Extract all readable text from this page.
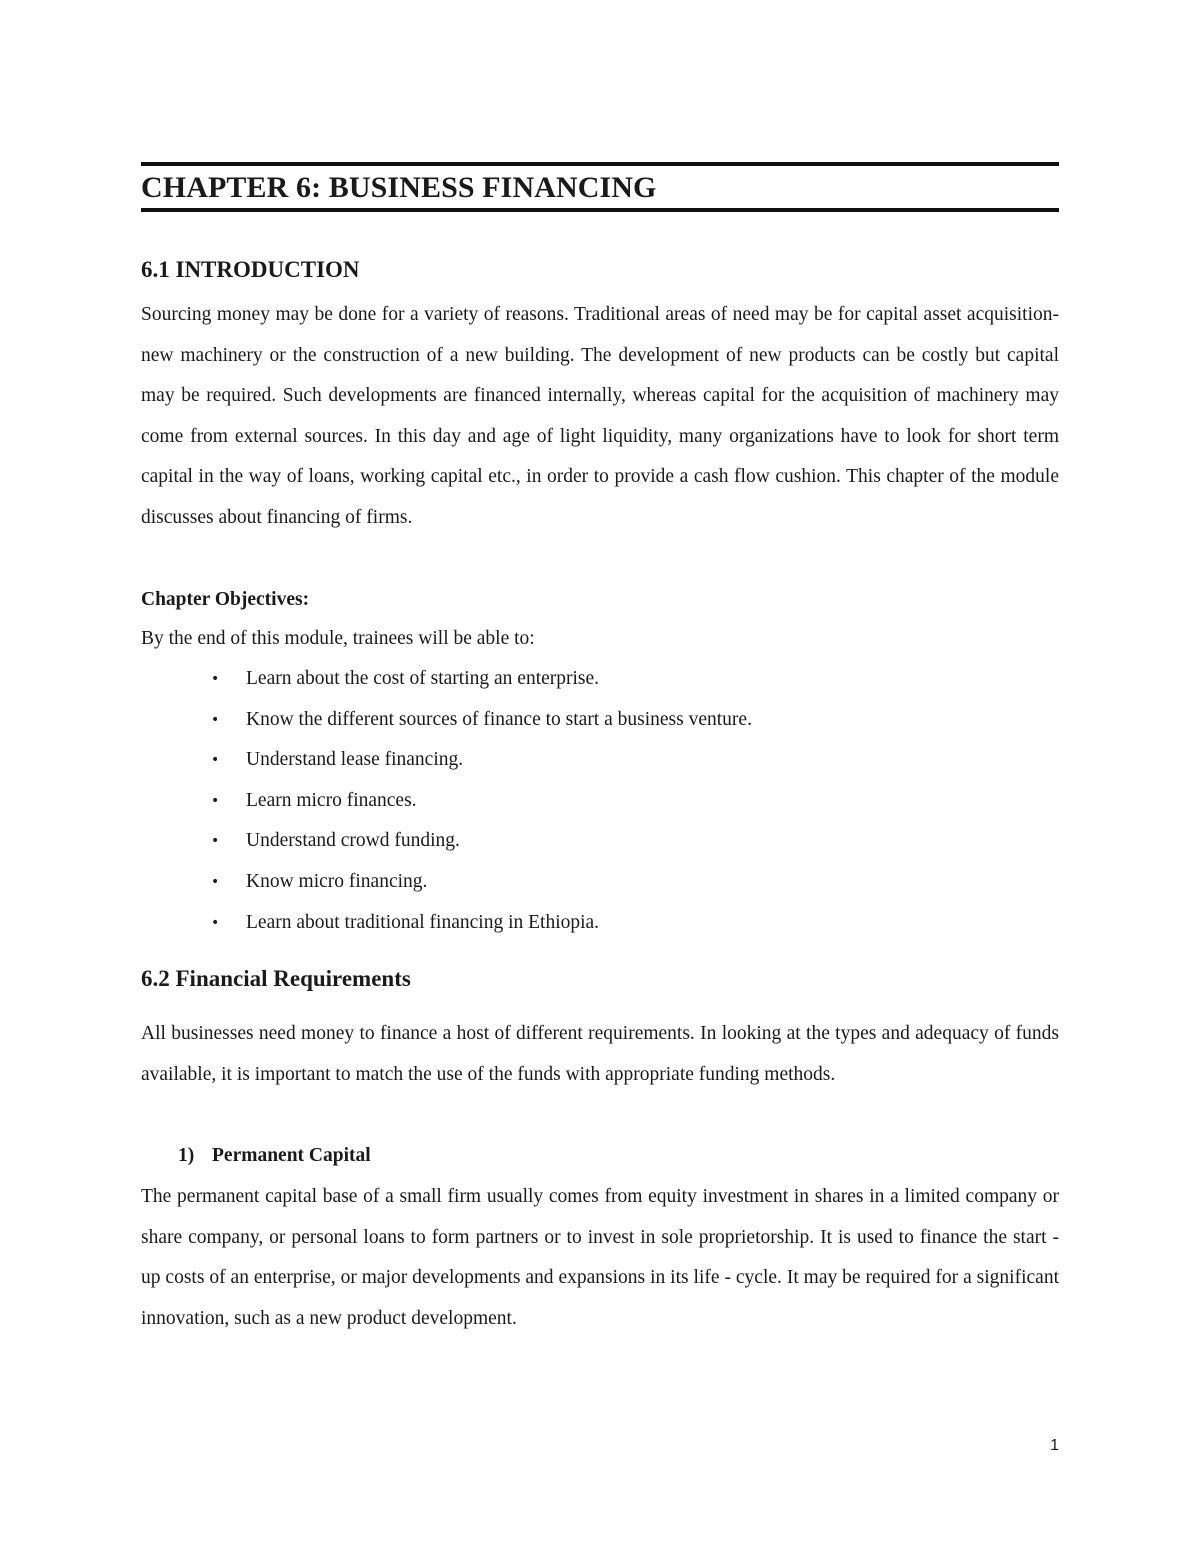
CHAPTER 6: BUSINESS FINANCING
6.1 INTRODUCTION
Sourcing money may be done for a variety of reasons. Traditional areas of need may be for capital asset acquisition- new machinery or the construction of a new building. The development of new products can be costly but capital may be required. Such developments are financed internally, whereas capital for the acquisition of machinery may come from external sources. In this day and age of light liquidity, many organizations have to look for short term capital in the way of loans, working capital etc., in order to provide a cash flow cushion. This chapter of the module discusses about financing of firms.
Chapter Objectives:
By the end of this module, trainees will be able to:
• Learn about the cost of starting an enterprise.
• Know the different sources of finance to start a business venture.
• Understand lease financing.
• Learn micro finances.
• Understand crowd funding.
• Know micro financing.
• Learn about traditional financing in Ethiopia.
6.2 Financial Requirements
All businesses need money to finance a host of different requirements. In looking at the types and adequacy of funds available, it is important to match the use of the funds with appropriate funding methods.
1) Permanent Capital
The permanent capital base of a small firm usually comes from equity investment in shares in a limited company or share company, or personal loans to form partners or to invest in sole proprietorship. It is used to finance the start - up costs of an enterprise, or major developments and expansions in its life - cycle. It may be required for a significant innovation, such as a new product development.
1
